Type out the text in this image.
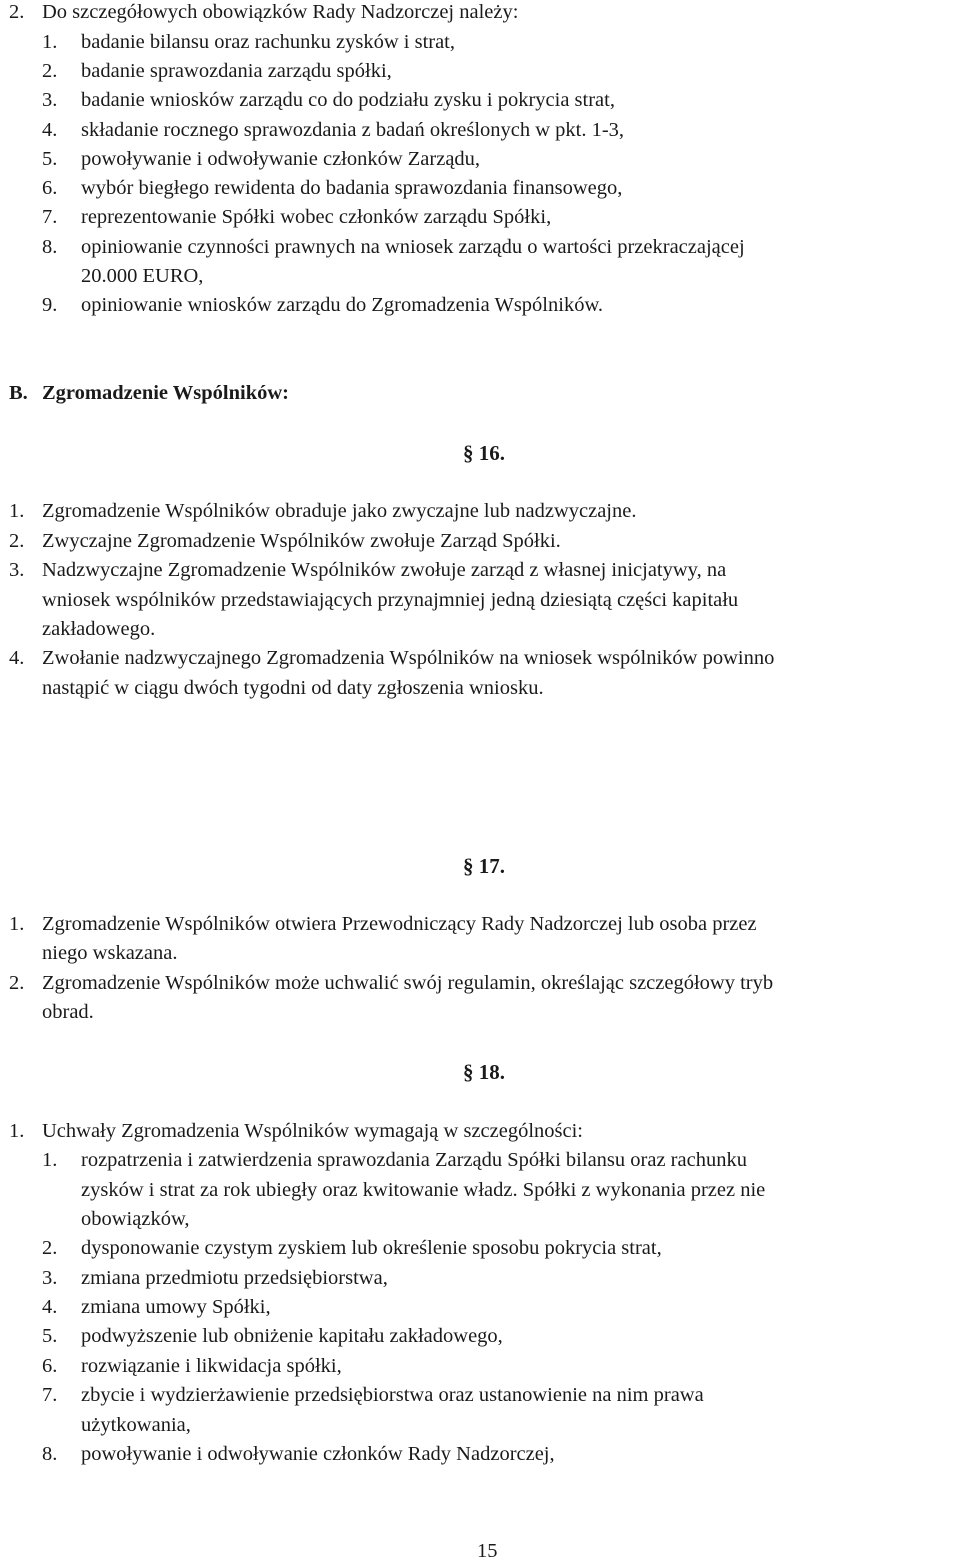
2. Do szczegółowych obowiązków Rady Nadzorczej należy:
1. badanie bilansu oraz rachunku zysków i strat,
2. badanie sprawozdania zarządu spółki,
3. badanie wniosków zarządu co do podziału zysku i pokrycia strat,
4. składanie rocznego sprawozdania z badań określonych w pkt. 1-3,
5. powoływanie i odwoływanie członków Zarządu,
6. wybór biegłego rewidenta do badania sprawozdania finansowego,
7. reprezentowanie Spółki wobec członków zarządu Spółki,
8. opiniowanie czynności prawnych na wniosek zarządu o wartości przekraczającej
20.000 EURO,
9. opiniowanie wniosków zarządu do Zgromadzenia Wspólników.
B. Zgromadzenie Wspólników:
§ 16.
1. Zgromadzenie Wspólników obraduje jako zwyczajne lub nadzwyczajne.
2. Zwyczajne Zgromadzenie Wspólników zwołuje Zarząd Spółki.
3. Nadzwyczajne Zgromadzenie Wspólników zwołuje zarząd z własnej inicjatywy, na
wniosek wspólników przedstawiających przynajmniej jedną dziesiątą części kapitału
zakładowego.
4. Zwołanie nadzwyczajnego Zgromadzenia Wspólników na wniosek wspólników powinno
nastąpić w ciągu dwóch tygodni od daty zgłoszenia wniosku.
§ 17.
1. Zgromadzenie Wspólników otwiera Przewodniczący Rady Nadzorczej lub osoba przez
niego wskazana.
2. Zgromadzenie Wspólników może uchwalić swój regulamin, określając szczegółowy tryb
obrad.
§ 18.
1. Uchwały Zgromadzenia Wspólników wymagają w szczególności:
1. rozpatrzenia i zatwierdzenia sprawozdania Zarządu Spółki bilansu oraz rachunku
zysków i strat za rok ubiegły oraz kwitowanie władz. Spółki z wykonania przez nie
obowiązków,
2. dysponowanie czystym zyskiem lub określenie sposobu pokrycia strat,
3. zmiana przedmiotu przedsiębiorstwa,
4. zmiana umowy Spółki,
5. podwyższenie lub obniżenie kapitału zakładowego,
6. rozwiązanie i likwidacja spółki,
7. zbycie i wydzierżawienie przedsiębiorstwa oraz ustanowienie na nim prawa
użytkowania,
8. powoływanie i odwoływanie członków Rady Nadzorczej,
15
